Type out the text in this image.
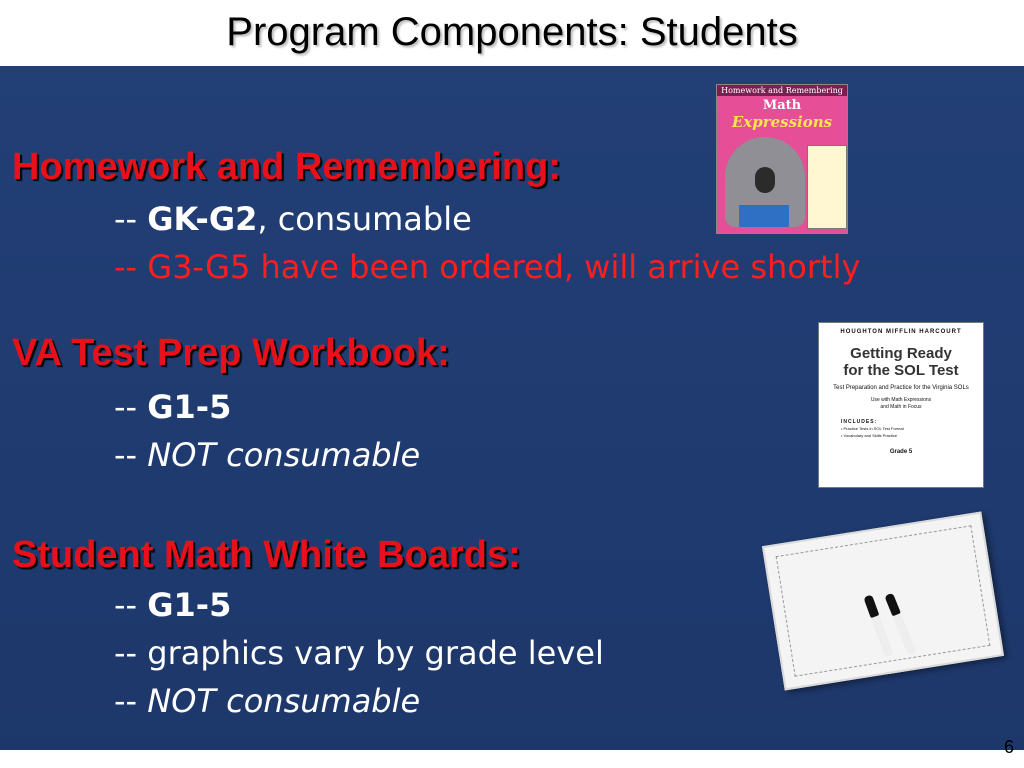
Program Components: Students
Homework and Remembering:
-- GK-G2, consumable
-- G3-G5 have been ordered, will arrive shortly
VA Test Prep Workbook:
-- G1-5
-- NOT consumable
Student Math White Boards:
-- G1-5
-- graphics vary by grade level
-- NOT consumable
Homework and Remembering
Math
Expressions
HOUGHTON MIFFLIN HARCOURT
Getting Ready
for the SOL Test
Test Preparation and Practice for the Virginia SOLs
Use with Math Expressions
and Math in Focus
INCLUDES:
• Practice Tests in SOL Test Format
• Vocabulary and Skills Practice
Grade 5
6
